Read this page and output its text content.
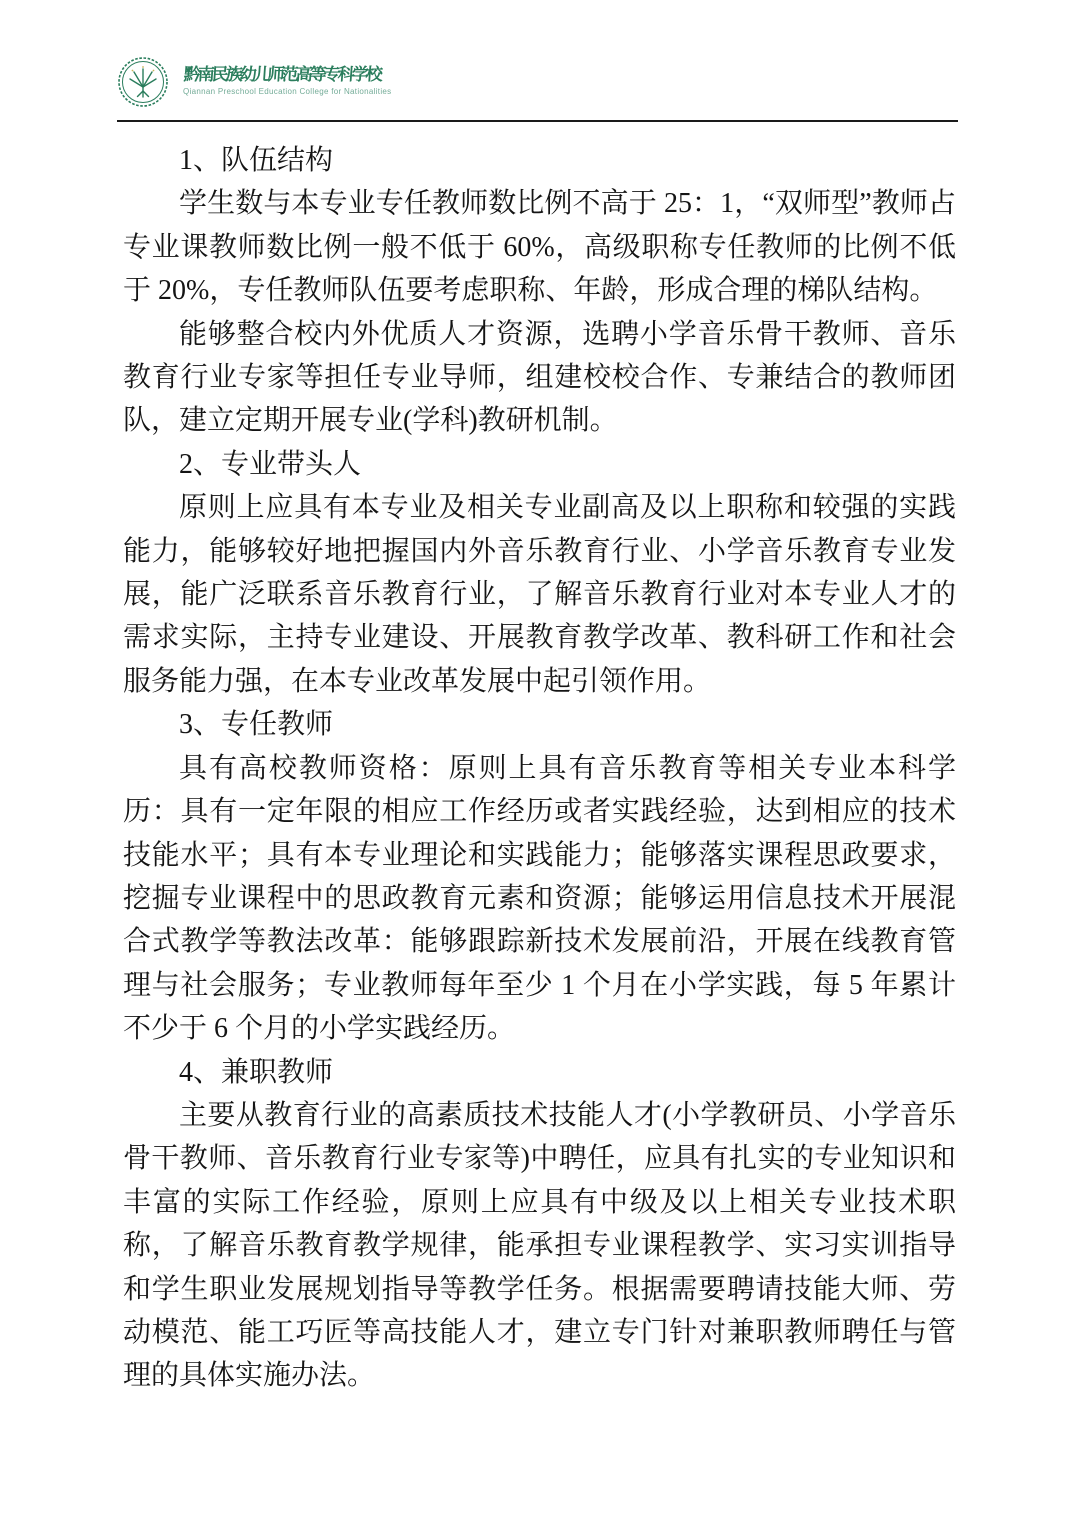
黔南民族幼儿师范高等专科学校
Qiannan Preschool Education College for Nationalities

1、队伍结构

学生数与本专业专任教师数比例不高于 25：1，“双师型”教师占专业课教师数比例一般不低于 60%，高级职称专任教师的比例不低于 20%，专任教师队伍要考虑职称、年龄，形成合理的梯队结构。

能够整合校内外优质人才资源，选聘小学音乐骨干教师、音乐教育行业专家等担任专业导师，组建校校合作、专兼结合的教师团队，建立定期开展专业(学科)教研机制。

2、专业带头人

原则上应具有本专业及相关专业副高及以上职称和较强的实践能力，能够较好地把握国内外音乐教育行业、小学音乐教育专业发展，能广泛联系音乐教育行业，了解音乐教育行业对本专业人才的需求实际，主持专业建设、开展教育教学改革、教科研工作和社会服务能力强，在本专业改革发展中起引领作用。

3、专任教师

具有高校教师资格：原则上具有音乐教育等相关专业本科学历：具有一定年限的相应工作经历或者实践经验，达到相应的技术技能水平；具有本专业理论和实践能力；能够落实课程思政要求，挖掘专业课程中的思政教育元素和资源；能够运用信息技术开展混合式教学等教法改革：能够跟踪新技术发展前沿，开展在线教育管理与社会服务；专业教师每年至少 1 个月在小学实践，每 5 年累计不少于 6 个月的小学实践经历。

4、兼职教师

主要从教育行业的高素质技术技能人才(小学教研员、小学音乐骨干教师、音乐教育行业专家等)中聘任，应具有扎实的专业知识和丰富的实际工作经验，原则上应具有中级及以上相关专业技术职称，了解音乐教育教学规律，能承担专业课程教学、实习实训指导和学生职业发展规划指导等教学任务。根据需要聘请技能大师、劳动模范、能工巧匠等高技能人才，建立专门针对兼职教师聘任与管理的具体实施办法。
